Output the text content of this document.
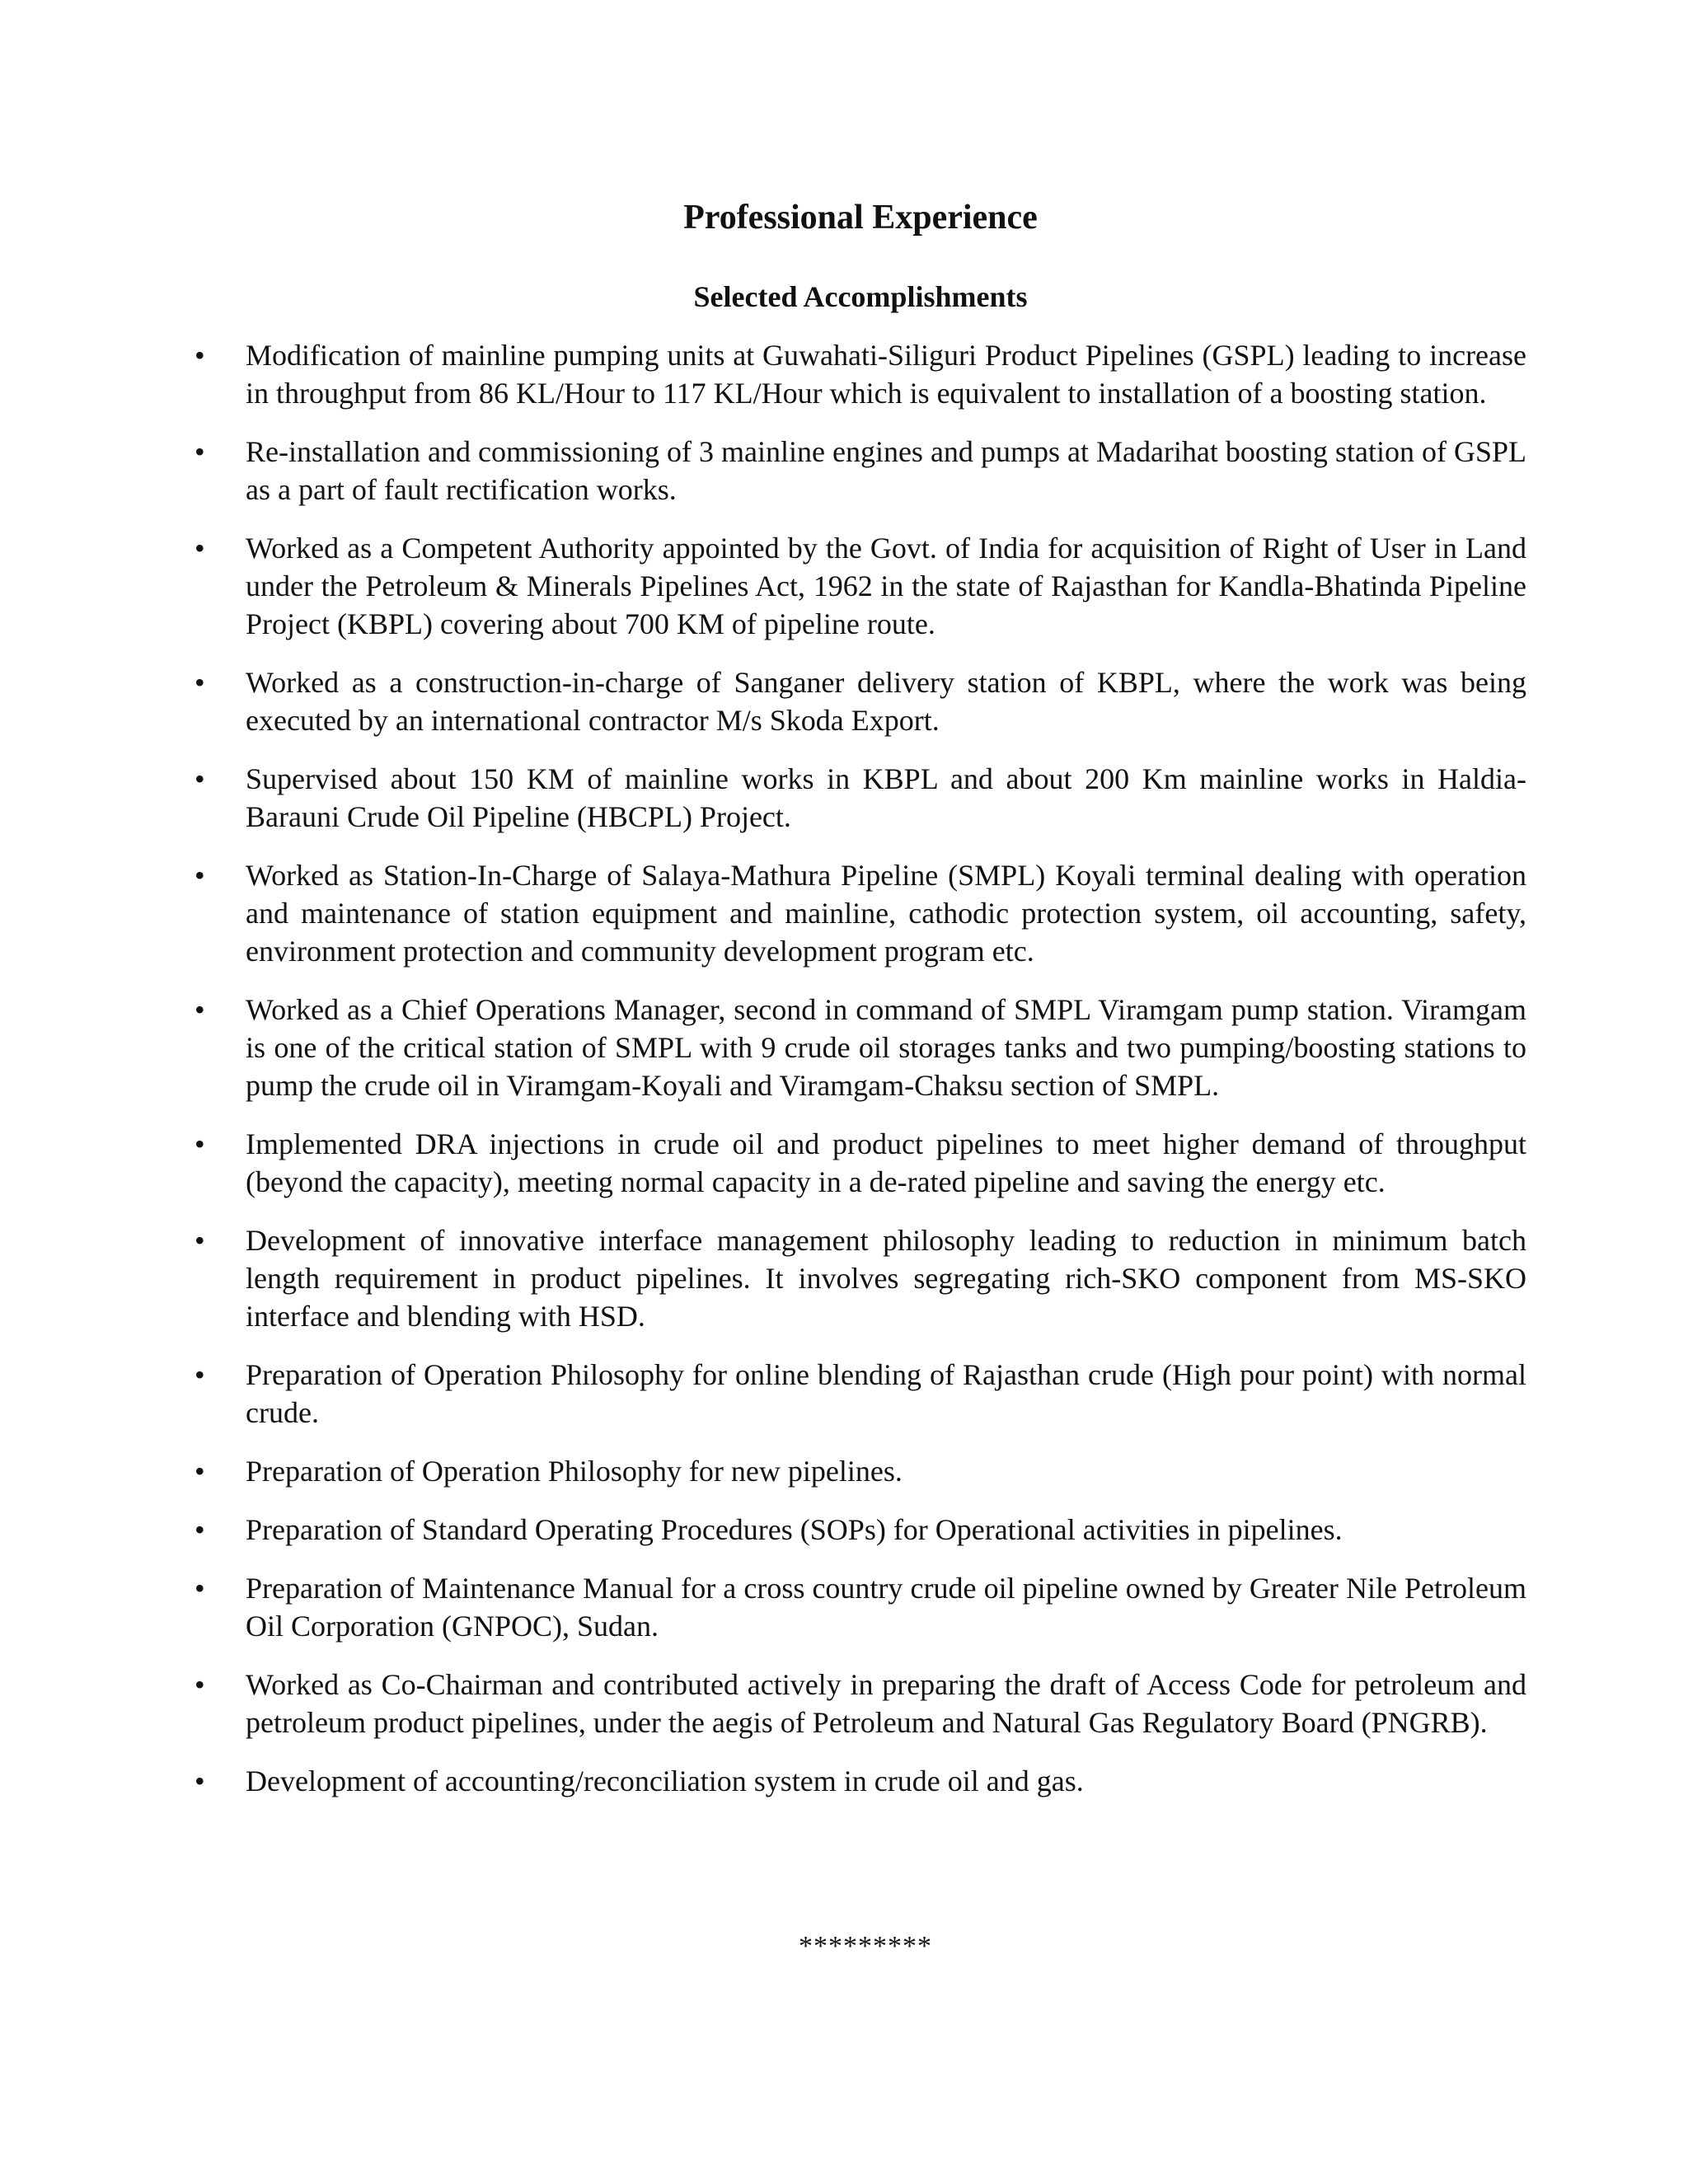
Professional Experience
Selected Accomplishments
• Modification of mainline pumping units at Guwahati-Siliguri Product Pipelines (GSPL) leading to increase in throughput from 86 KL/Hour to 117 KL/Hour which is equivalent to installation of a boosting station.
• Re-installation and commissioning of 3 mainline engines and pumps at Madarihat boosting station of GSPL as a part of fault rectification works.
• Worked as a Competent Authority appointed by the Govt. of India for acquisition of Right of User in Land under the Petroleum & Minerals Pipelines Act, 1962 in the state of Rajasthan for Kandla-Bhatinda Pipeline Project (KBPL) covering about 700 KM of pipeline route.
• Worked as a construction-in-charge of Sanganer delivery station of KBPL, where the work was being executed by an international contractor M/s Skoda Export.
• Supervised about 150 KM of mainline works in KBPL and about 200 Km mainline works in Haldia-Barauni Crude Oil Pipeline (HBCPL) Project.
• Worked as Station-In-Charge of Salaya-Mathura Pipeline (SMPL) Koyali terminal dealing with operation and maintenance of station equipment and mainline, cathodic protection system, oil accounting, safety, environment protection and community development program etc.
• Worked as a Chief Operations Manager, second in command of SMPL Viramgam pump station. Viramgam is one of the critical station of SMPL with 9 crude oil storages tanks and two pumping/boosting stations to pump the crude oil in Viramgam-Koyali and Viramgam-Chaksu section of SMPL.
• Implemented DRA injections in crude oil and product pipelines to meet higher demand of throughput (beyond the capacity), meeting normal capacity in a de-rated pipeline and saving the energy etc.
• Development of innovative interface management philosophy leading to reduction in minimum batch length requirement in product pipelines. It involves segregating rich-SKO component from MS-SKO interface and blending with HSD.
• Preparation of Operation Philosophy for online blending of Rajasthan crude (High pour point) with normal crude.
• Preparation of Operation Philosophy for new pipelines.
• Preparation of Standard Operating Procedures (SOPs) for Operational activities in pipelines.
• Preparation of Maintenance Manual for a cross country crude oil pipeline owned by Greater Nile Petroleum Oil Corporation (GNPOC), Sudan.
• Worked as Co-Chairman and contributed actively in preparing the draft of Access Code for petroleum and petroleum product pipelines, under the aegis of Petroleum and Natural Gas Regulatory Board (PNGRB).
• Development of accounting/reconciliation system in crude oil and gas.
*********
